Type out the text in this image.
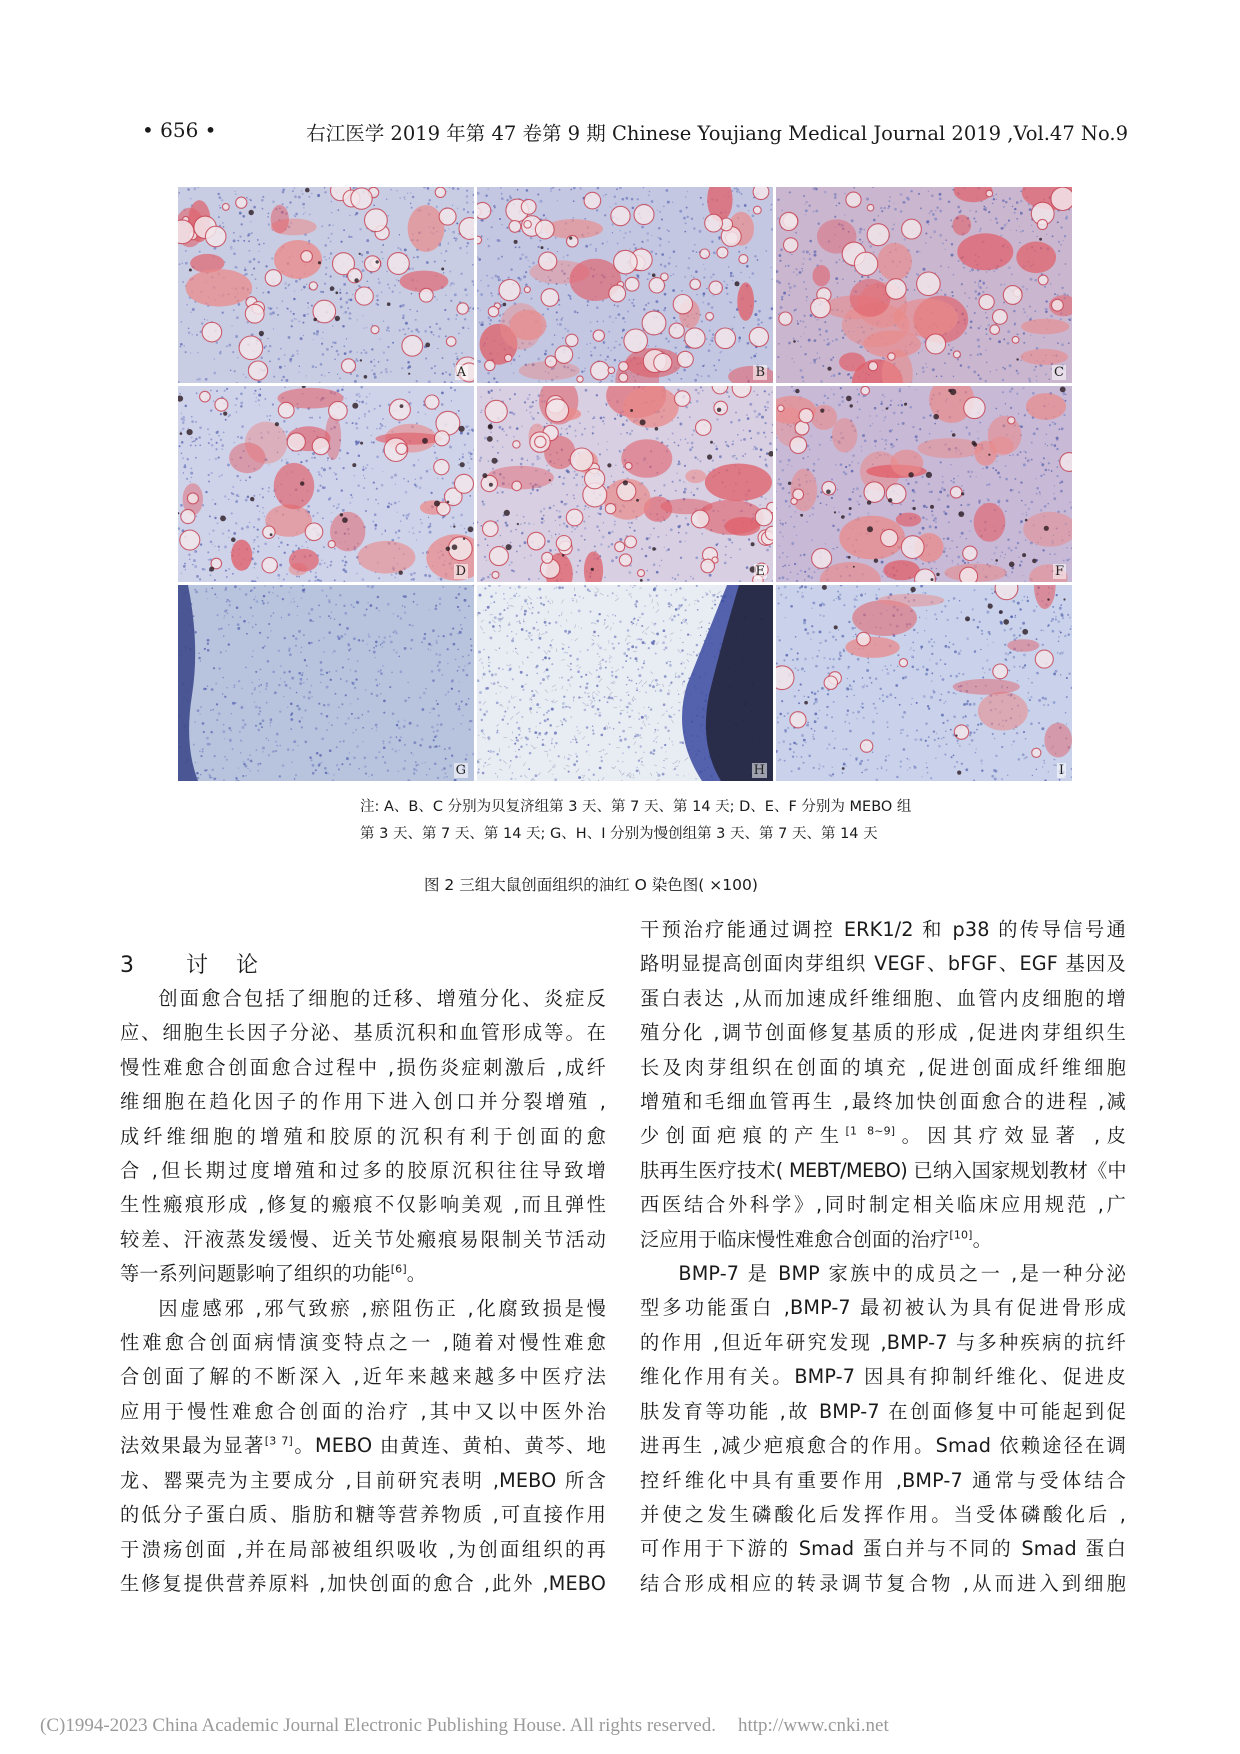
• 656 •	右江医学 2019 年第 47 卷第 9 期 Chinese Youjiang Medical Journal 2019 ,Vol.47 No.9
A	B	C
D	E	F
G	H	I
注: A、B、C 分别为贝复济组第 3 天、第 7 天、第 14 天; D、E、F 分别为 MEBO 组
第 3 天、第 7 天、第 14 天; G、H、I 分别为慢创组第 3 天、第 7 天、第 14 天
图 2 三组大鼠创面组织的油红 O 染色图( ×100)
3 讨    论

创面愈合包括了细胞的迁移、增殖分化、炎症反

应、细胞生长因子分泌、基质沉积和血管形成等。在

慢性难愈合创面愈合过程中 ,损伤炎症刺激后 ,成纤

维细胞在趋化因子的作用下进入创口并分裂增殖 ,

成纤维细胞的增殖和胶原的沉积有利于创面的愈

合 ,但长期过度增殖和过多的胶原沉积往往导致增

生性瘢痕形成 ,修复的瘢痕不仅影响美观 ,而且弹性

较差、汗液蒸发缓慢、近关节处瘢痕易限制关节活动

等一系列问题影响了组织的功能[6]。

因虚感邪 ,邪气致瘀 ,瘀阻伤正 ,化腐致损是慢

性难愈合创面病情演变特点之一 ,随着对慢性难愈

合创面了解的不断深入 ,近年来越来越多中医疗法

应用于慢性难愈合创面的治疗 ,其中又以中医外治

法效果最为显著[3 7]。MEBO 由黄连、黄柏、黄芩、地

龙、罂粟壳为主要成分 ,目前研究表明 ,MEBO 所含

的低分子蛋白质、脂肪和糖等营养物质 ,可直接作用

于溃疡创面 ,并在局部被组织吸收 ,为创面组织的再

生修复提供营养原料 ,加快创面的愈合 ,此外 ,MEBO

干预治疗能通过调控 ERK1/2 和 p38 的传导信号通

路明显提高创面肉芽组织 VEGF、bFGF、EGF 基因及

蛋白表达 ,从而加速成纤维细胞、血管内皮细胞的增

殖分化 ,调节创面修复基质的形成 ,促进肉芽组织生

长及肉芽组织在创面的填充 ,促进创面成纤维细胞

增殖和毛细血管再生 ,最终加快创面愈合的进程 ,减

少创面疤痕的产生[1 8~9]。因其疗效显著 ,皮

肤再生医疗技术( MEBT/MEBO) 已纳入国家规划教材《中

西医结合外科学》,同时制定相关临床应用规范 ,广

泛应用于临床慢性难愈合创面的治疗[10]。

BMP-7 是 BMP 家族中的成员之一 ,是一种分泌

型多功能蛋白 ,BMP-7 最初被认为具有促进骨形成

的作用 ,但近年研究发现 ,BMP-7 与多种疾病的抗纤

维化作用有关。BMP-7 因具有抑制纤维化、促进皮

肤发育等功能 ,故 BMP-7 在创面修复中可能起到促

进再生 ,减少疤痕愈合的作用。Smad 依赖途径在调

控纤维化中具有重要作用 ,BMP-7 通常与受体结合

并使之发生磷酸化后发挥作用。当受体磷酸化后 ,

可作用于下游的 Smad 蛋白并与不同的 Smad 蛋白

结合形成相应的转录调节复合物 ,从而进入到细胞

(C)1994-2023 China Academic Journal Electronic Publishing House. All rights reserved. http://www.cnki.net
